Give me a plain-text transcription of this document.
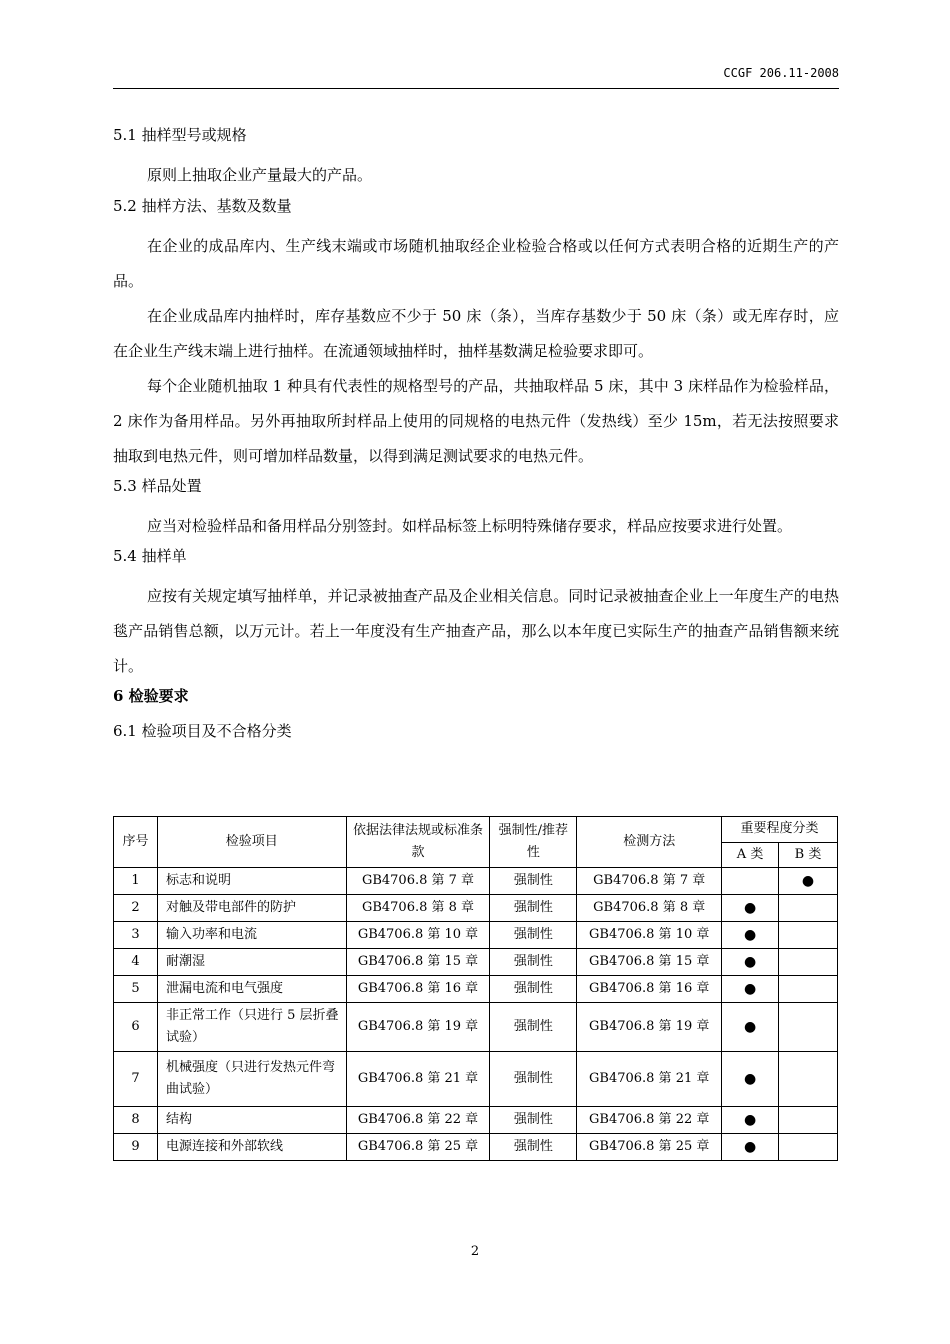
CCGF 206.11-2008
5.1 抽样型号或规格
原则上抽取企业产量最大的产品。
5.2 抽样方法、基数及数量
在企业的成品库内、生产线末端或市场随机抽取经企业检验合格或以任何方式表明合格的近期生产的产品。
在企业成品库内抽样时，库存基数应不少于 50 床（条），当库存基数少于 50 床（条）或无库存时，应在企业生产线末端上进行抽样。在流通领域抽样时，抽样基数满足检验要求即可。
每个企业随机抽取 1 种具有代表性的规格型号的产品，共抽取样品 5 床，其中 3 床样品作为检验样品，2 床作为备用样品。另外再抽取所封样品上使用的同规格的电热元件（发热线）至少 15m，若无法按照要求抽取到电热元件，则可增加样品数量，以得到满足测试要求的电热元件。
5.3 样品处置
应当对检验样品和备用样品分别签封。如样品标签上标明特殊储存要求，样品应按要求进行处置。
5.4 抽样单
应按有关规定填写抽样单，并记录被抽查产品及企业相关信息。同时记录被抽查企业上一年度生产的电热毯产品销售总额，以万元计。若上一年度没有生产抽查产品，那么以本年度已实际生产的抽查产品销售额来统计。
6 检验要求
6.1 检验项目及不合格分类
序号	检验项目	依据法律法规或标准条款	强制性/推荐性	检测方法	重要程度分类	
					A 类	B 类
1	标志和说明	GB4706.8 第 7 章	强制性	GB4706.8 第 7 章		●
2	对触及带电部件的防护	GB4706.8 第 8 章	强制性	GB4706.8 第 8 章	●	
3	输入功率和电流	GB4706.8 第 10 章	强制性	GB4706.8 第 10 章	●	
4	耐潮湿	GB4706.8 第 15 章	强制性	GB4706.8 第 15 章	●	
5	泄漏电流和电气强度	GB4706.8 第 16 章	强制性	GB4706.8 第 16 章	●	
6	非正常工作（只进行 5 层折叠试验）	GB4706.8 第 19 章	强制性	GB4706.8 第 19 章	●	
7	机械强度（只进行发热元件弯曲试验）	GB4706.8 第 21 章	强制性	GB4706.8 第 21 章	●	
8	结构	GB4706.8 第 22 章	强制性	GB4706.8 第 22 章	●	
9	电源连接和外部软线	GB4706.8 第 25 章	强制性	GB4706.8 第 25 章	●	
2
